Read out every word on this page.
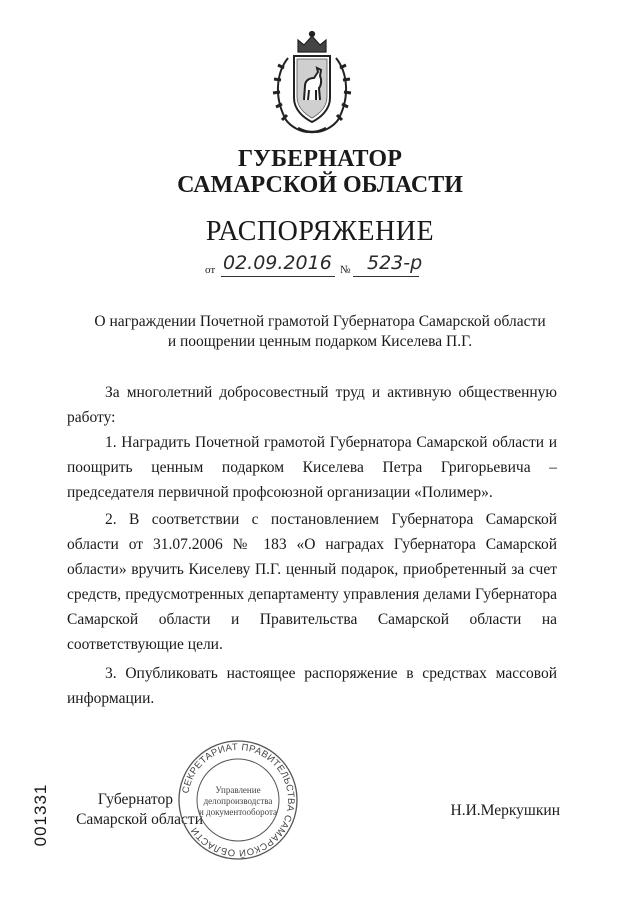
ГУБЕРНАТОР
САМАРСКОЙ ОБЛАСТИ
РАСПОРЯЖЕНИЕ
от 02.09.2016 № 523-р
О награждении Почетной грамотой Губернатора Самарской области
и поощрении ценным подарком Киселева П.Г.

За многолетний добросовестный труд и активную общественную работу:

1. Наградить Почетной грамотой Губернатора Самарской области и поощрить ценным подарком Киселева Петра Григорьевича – председателя первичной профсоюзной организации «Полимер».

2. В соответствии с постановлением Губернатора Самарской области от 31.07.2006 № 183 «О наградах Губернатора Самарской области» вручить Киселеву П.Г. ценный подарок, приобретенный за счет средств, предусмотренных департаменту управления делами Губернатора Самарской области и Правительства Самарской области на соответствующие цели.

3. Опубликовать настоящее распоряжение в средствах массовой информации.

Губернатор
Самарской области
СЕКРЕТАРИАТ ПРАВИТЕЛЬСТВА САМАРСКОЙ ОБЛАСТИ
Управление
делопроизводства
и документооборота	Н.И.Меркушкин
001331
